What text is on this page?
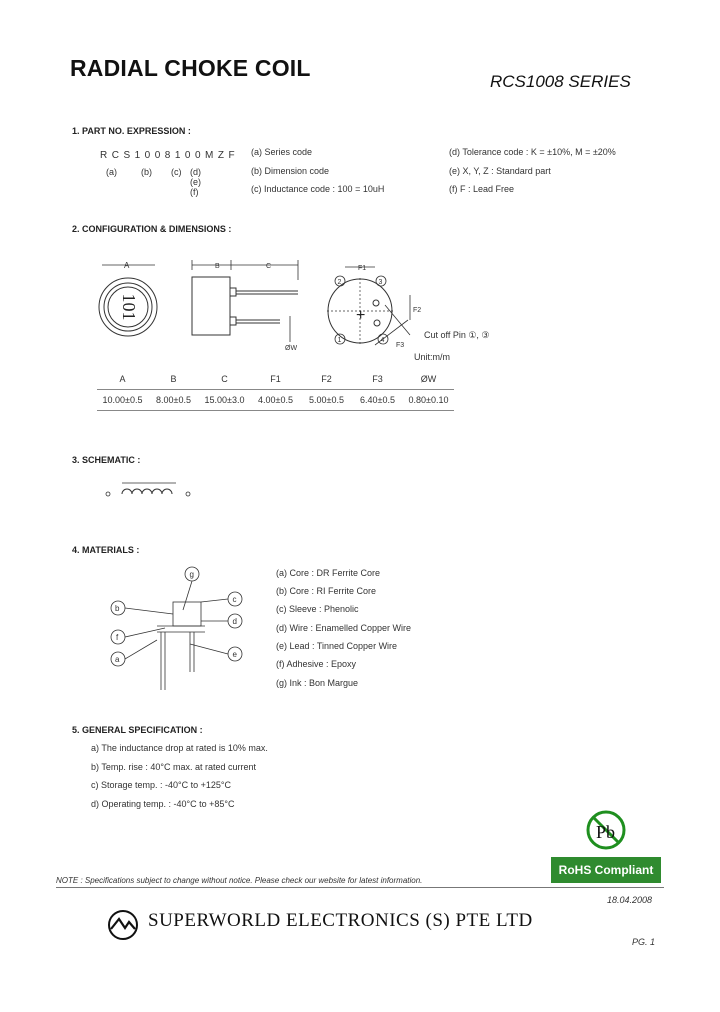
RADIAL CHOKE COIL
RCS1008 SERIES
1. PART NO. EXPRESSION :
RCS1008100MZF
(a)	(b) (c) (d)(e)(f)
(a) Series code
(b) Dimension code
(c) Inductance code : 100 = 10uH
(d) Tolerance code : K = ±10%, M = ±20%
(e) X, Y, Z : Standard part
(f) F : Lead Free
2. CONFIGURATION & DIMENSIONS :
A
101
B	C
ØW
+
2	3
1	4
F1
F2
F3
Cut off Pin ①, ③
Unit:m/m
A	B	C	F1	F2	F3	ØW
10.00±0.5	8.00±0.5	15.00±3.0	4.00±0.5	5.00±0.5	6.40±0.5	0.80±0.10
3. SCHEMATIC :
4. MATERIALS :
g
b
c
d
f
a
e
(a) Core : DR Ferrite Core
(b) Core : RI Ferrite Core
(c) Sleeve : Phenolic
(d) Wire : Enamelled Copper Wire
(e) Lead : Tinned Copper Wire
(f) Adhesive : Epoxy
(g) Ink : Bon Margue
5. GENERAL SPECIFICATION :
a) The inductance drop at rated is 10% max.
b) Temp. rise : 40°C max. at rated current
c) Storage temp. : -40°C to +125°C
d) Operating temp. : -40°C to +85°C
Pb
RoHS Compliant
NOTE : Specifications subject to change without notice. Please check our website for latest information.
18.04.2008
SUPERWORLD ELECTRONICS (S) PTE LTD
PG. 1
